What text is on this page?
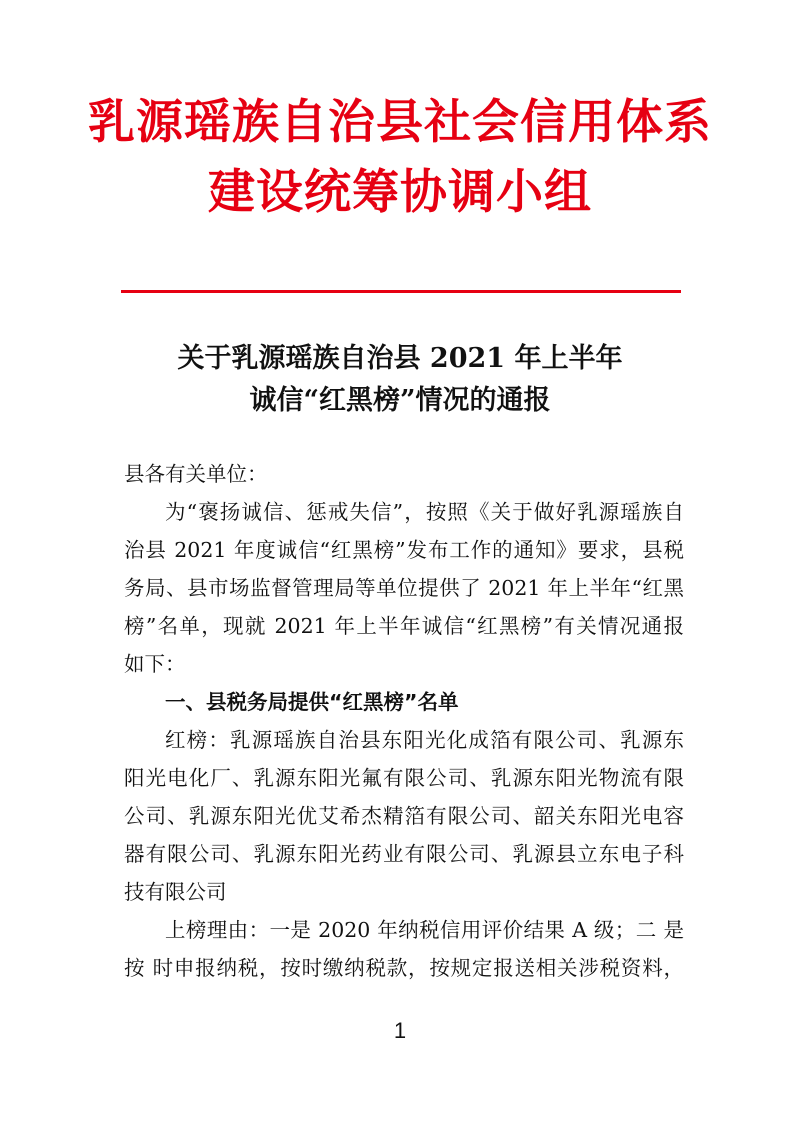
乳源瑶族自治县社会信用体系
建设统筹协调小组
关于乳源瑶族自治县 2021 年上半年
诚信“红黑榜”情况的通报
县各有关单位：
为“褒扬诚信、惩戒失信”，按照《关于做好乳源瑶族自
治县 2021 年度诚信“红黑榜”发布工作的通知》要求，县税
务局、县市场监督管理局等单位提供了 2021 年上半年“红黑
榜”名单，现就 2021 年上半年诚信“红黑榜”有关情况通报
如下：
一、县税务局提供“红黑榜”名单
红榜：乳源瑶族自治县东阳光化成箔有限公司、乳源东
阳光电化厂、乳源东阳光氟有限公司、乳源东阳光物流有限
公司、乳源东阳光优艾希杰精箔有限公司、韶关东阳光电容
器有限公司、乳源东阳光药业有限公司、乳源县立东电子科
技有限公司
上榜理由：一是 2020 年纳税信用评价结果 A 级；二 是
按 时申报纳税，按时缴纳税款，按规定报送相关涉税资料，
1
